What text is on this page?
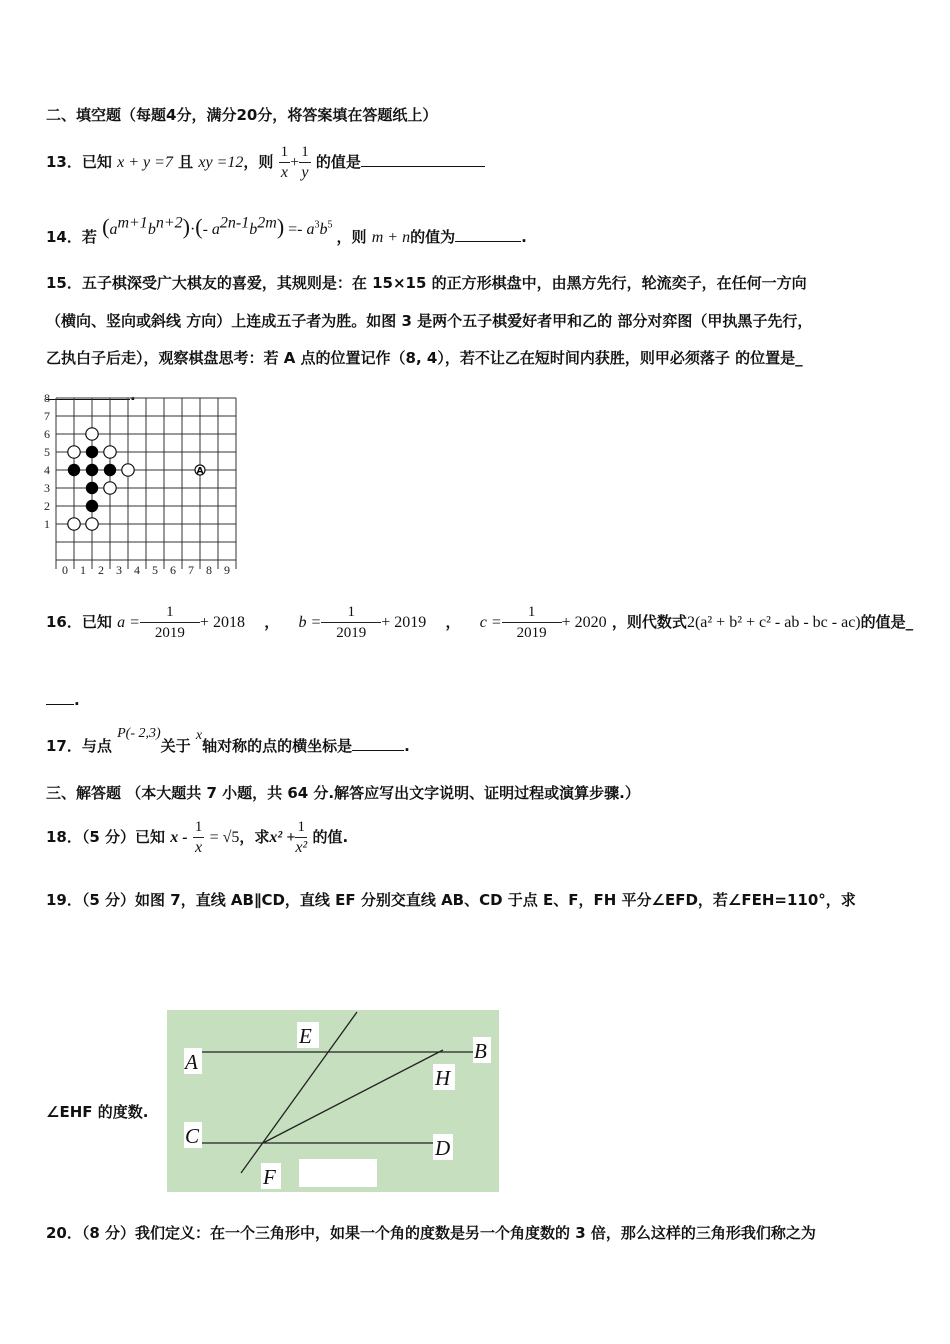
二、填空题（每题4分，满分20分，将答案填在答题纸上）
13．已知 x + y =7 且 xy =12，则 $\frac{1}{x} + \frac{1}{y}$ 的值是
14．若 $(a^{m+1}b^{n+2})\cdot(-$ $a^{2n-1}b^{2m}) =- a^3b^5$ ，则 m + n的值为	.
15．五子棋深受广大棋友的喜爱，其规则是：在 15×15 的正方形棋盘中，由黑方先行，轮流奕子，在任何一方向
（横向、竖向或斜线 方向）上连成五子者为胜。如图 3 是两个五子棋爱好者甲和乙的 部分对弈图（甲执黑子先行，
乙执白子后走），观察棋盘思考：若 A 点的位置记作（8, 4），若不让乙在短时间内获胜，则甲必须落子 的位置是_
.
8
7
6
5
4
3
2
1
0 1 2 3 4 5 6 7 8 9
A
16．已知 $a = \frac{1}{2019} + 2018$ ， $b = \frac{1}{2019} + 2019$ ， $c = \frac{1}{2019} + 2020$ ，则代数式2(a² + b² + c² - ab - bc - ac)的值是_
.
17．与点 P(- 2,3)关于 x轴对称的点的横坐标是	.
三、解答题 （本大题共 7 小题，共 64 分.解答应写出文字说明、证明过程或演算步骤.）
18．（5 分）已知 $x - \frac{1}{x} = √5$，求$x^2 + \frac{1}{\text{x²}}$ 的值.
19．（5 分）如图 7，直线 AB∥CD，直线 EF 分别交直线 AB、CD 于点 E、F，FH 平分∠EFD，若∠FEH=110°，求
∠EHF 的度数.
A	B
C	D
E
F
H
20．（8 分）我们定义：在一个三角形中，如果一个角的度数是另一个角度数的 3 倍，那么这样的三角形我们称之为
